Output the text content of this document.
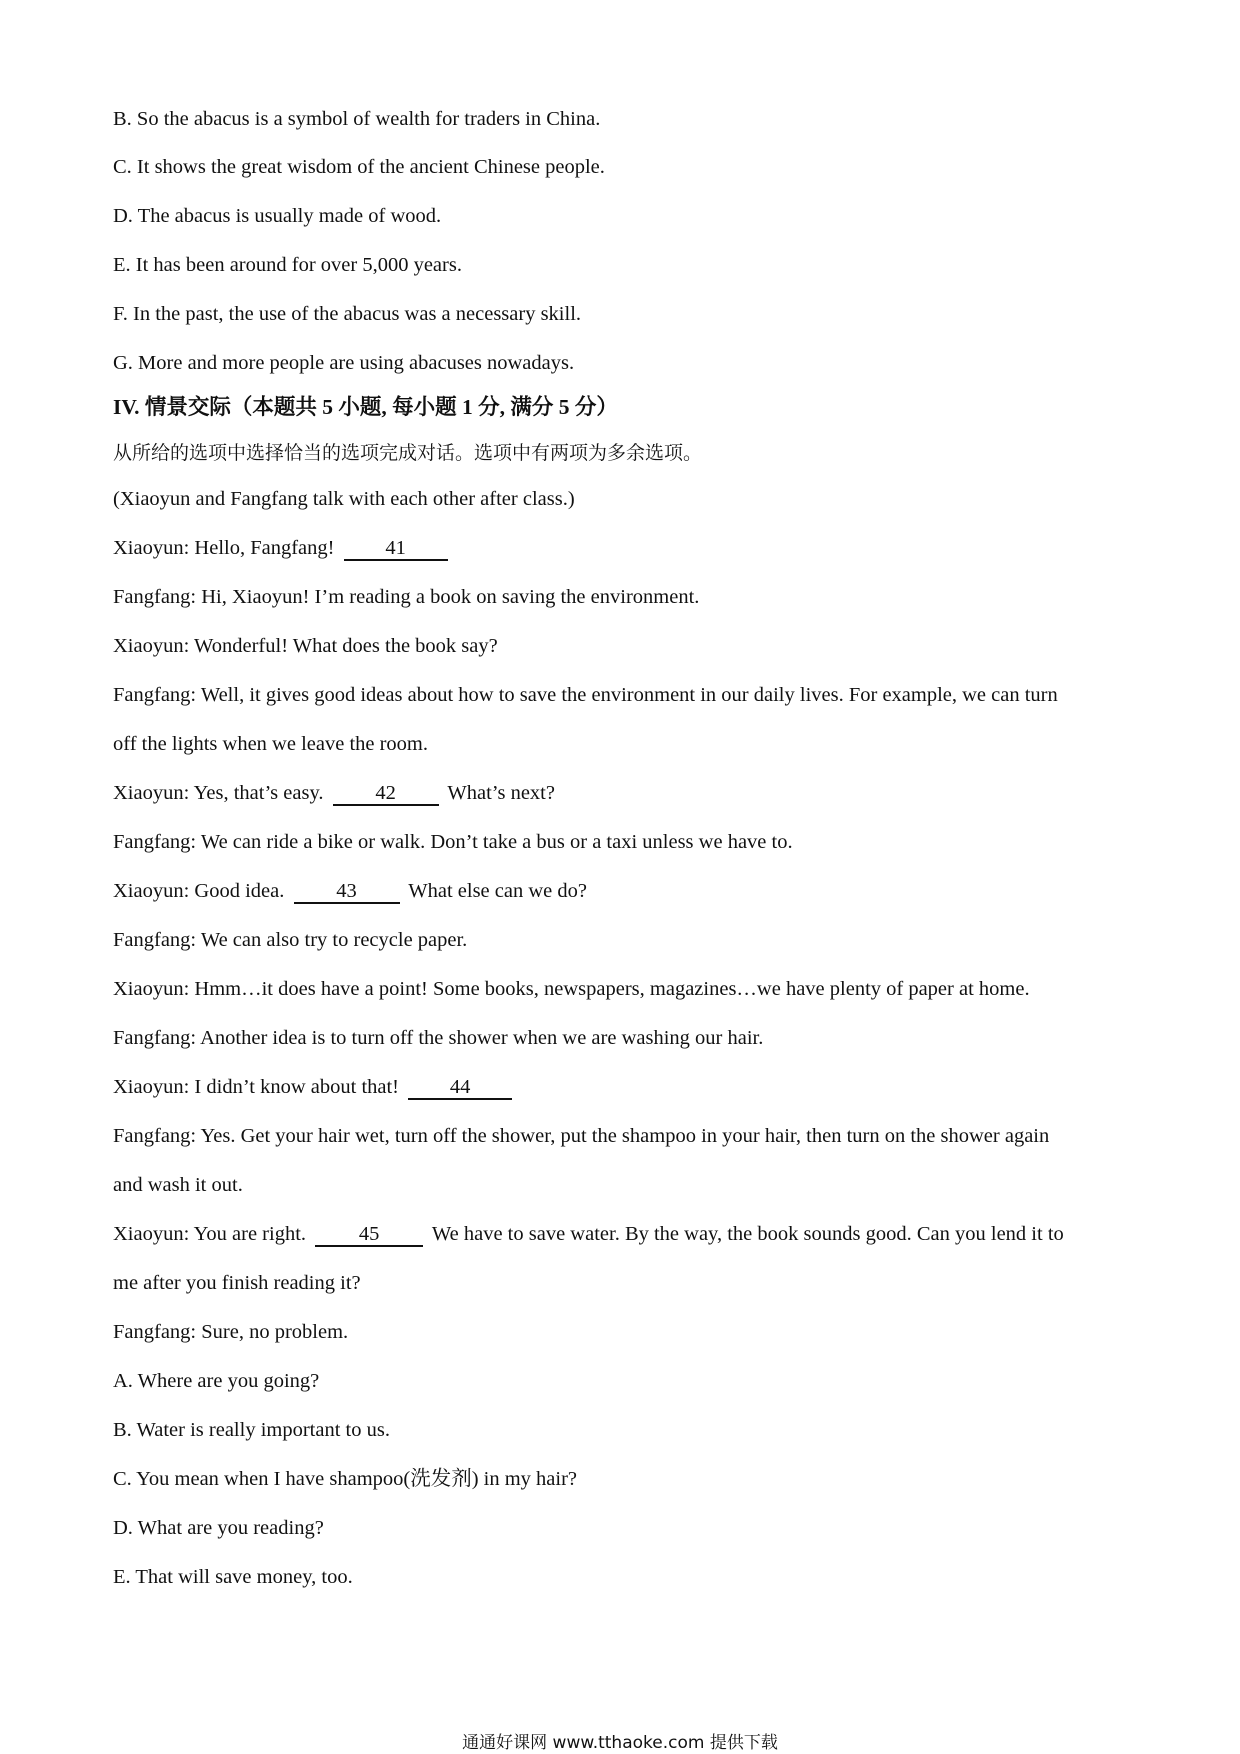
B. So the abacus is a symbol of wealth for traders in China.
C. It shows the great wisdom of the ancient Chinese people.
D. The abacus is usually made of wood.
E. It has been around for over 5,000 years.
F. In the past, the use of the abacus was a necessary skill.
G. More and more people are using abacuses nowadays.
IV. 情景交际（本题共 5 小题, 每小题 1 分, 满分 5 分）
从所给的选项中选择恰当的选项完成对话。选项中有两项为多余选项。
(Xiaoyun and Fangfang talk with each other after class.)
Xiaoyun: Hello, Fangfang! 41
Fangfang: Hi, Xiaoyun! I’m reading a book on saving the environment.
Xiaoyun: Wonderful! What does the book say?
Fangfang: Well, it gives good ideas about how to save the environment in our daily lives. For example, we can turn
off the lights when we leave the room.
Xiaoyun: Yes, that’s easy.	42	What’s next?
Fangfang: We can ride a bike or walk. Don’t take a bus or a taxi unless we have to.
Xiaoyun: Good idea.	43	What else can we do?
Fangfang: We can also try to recycle paper.
Xiaoyun: Hmm…it does have a point! Some books, newspapers, magazines…we have plenty of paper at home.
Fangfang: Another idea is to turn off the shower when we are washing our hair.
Xiaoyun: I didn’t know about that! 44
Fangfang: Yes. Get your hair wet, turn off the shower, put the shampoo in your hair, then turn on the shower again
and wash it out.
Xiaoyun: You are right.	45	We have to save water. By the way, the book sounds good. Can you lend it to
me after you finish reading it?
Fangfang: Sure, no problem.
A. Where are you going?
B. Water is really important to us.
C. You mean when I have shampoo(洗发剂) in my hair?
D. What are you reading?
E. That will save money, too.
通通好课网 www.tthaoke.com 提供下载
